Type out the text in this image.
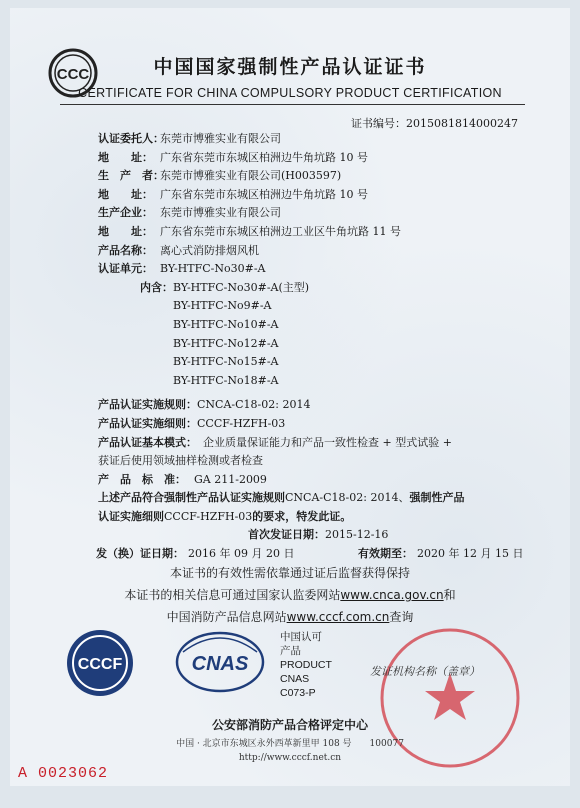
CCC	中国国家强制性产品认证证书
CERTIFICATE FOR CHINA COMPULSORY PRODUCT CERTIFICATION
证书编号：2015081814000247
认证委托人：
东莞市博雅实业有限公司
地　　址： 广东省东莞市东城区柏洲边牛角坑路 10 号
生　产　者：
东莞市博雅实业有限公司(H003597)
地　　址： 广东省东莞市东城区柏洲边牛角坑路 10 号
生产企业： 东莞市博雅实业有限公司
地　　址： 广东省东莞市东城区柏洲边工业区牛角坑路 11 号
产品名称： 离心式消防排烟风机
认证单元： BY-HTFC-No30#-A
内含： BY-HTFC-No30#-A(主型)
BY-HTFC-No9#-A
BY-HTFC-No10#-A
BY-HTFC-No12#-A
BY-HTFC-No15#-A
BY-HTFC-No18#-A
产品认证实施规则： CNCA-C18-02: 2014
产品认证实施细则： CCCF-HZFH-03
产品认证基本模式： 企业质量保证能力和产品一致性检查 + 型式试验 +
获证后使用领域抽样检测或者检查
产　品　标　准： GA 211-2009
上述产品符合强制性产品认证实施规则 CNCA-C18-02: 2014、 强制性产品
认证实施细则 CCCF-HZFH-03 的要求，特发此证。
首次发证日期： 2015-12-16
发（换）证日期： 2016 年 09 月 20 日	有效期至： 2020 年 12 月 15 日
本证书的有效性需依靠通过证后监督获得保持
本证书的相关信息可通过国家认监委网站www.cnca.gov.cn和
中国消防产品信息网站www.cccf.com.cn查询
CCCF	CNAS
中国认可
产品
PRODUCT
CNAS C073-P
发证机构名称（盖章）
公安部消防产品合格评定中心
中国 · 北京市东城区永外西革新里甲 108 号　　100077
http://www.cccf.net.cn
A 0023062
